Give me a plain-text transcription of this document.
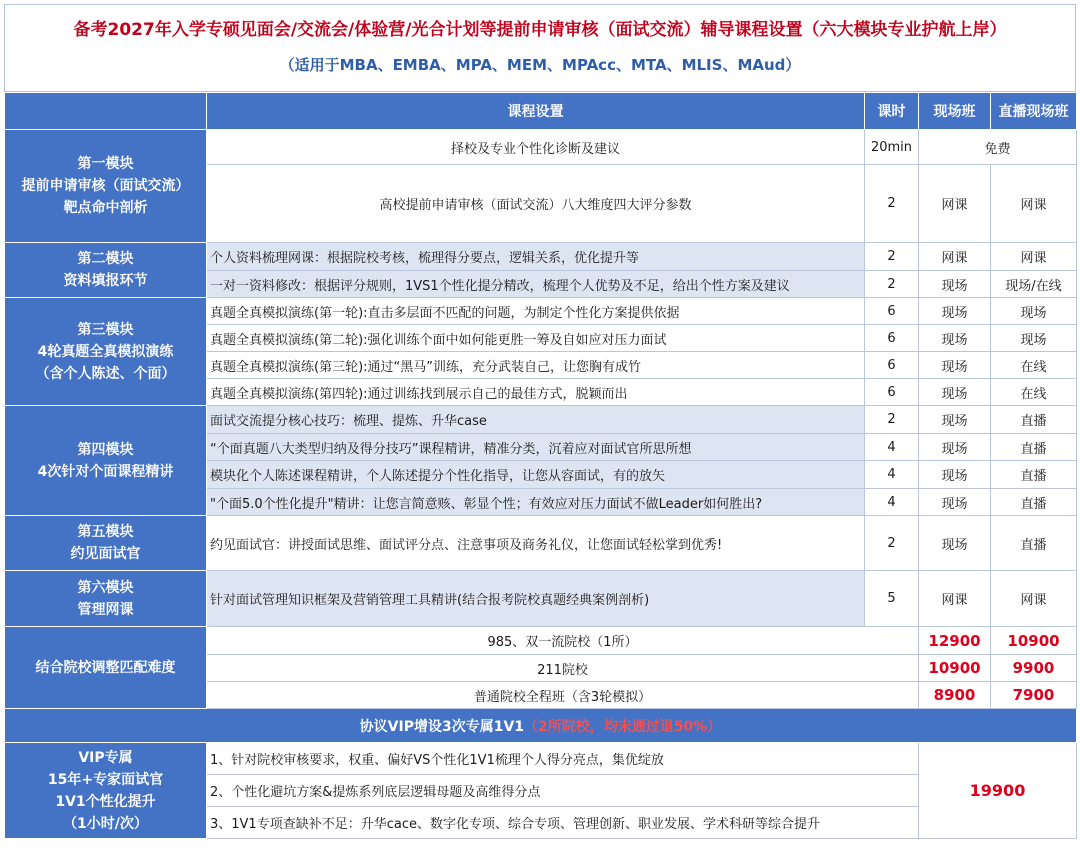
备考2027年入学专硕见面会/交流会/体验营/光合计划等提前申请审核（面试交流）辅导课程设置（六大模块专业护航上岸）
（适用于MBA、EMBA、MPA、MEM、MPAcc、MTA、MLIS、MAud）
	课程设置	课时	现场班	直播现场班
第一模块
提前申请审核（面试交流）
靶点命中剖析	择校及专业个性化诊断及建议	20min	免费	
	高校提前申请审核（面试交流）八大维度四大评分参数	2	网课	网课
第二模块
资料填报环节	个人资料梳理网课：根据院校考核，梳理得分要点，逻辑关系，优化提升等	2	网课	网课
	一对一资料修改：根据评分规则，1VS1个性化提分精改，梳理个人优势及不足，给出个性方案及建议	2	现场	现场/在线
第三模块
4轮真题全真模拟演练
（含个人陈述、个面）	真题全真模拟演练(第一轮):直击多层面不匹配的问题，为制定个性化方案提供依据	6	现场	现场
	真题全真模拟演练(第二轮):强化训练个面中如何能更胜一筹及自如应对压力面试	6	现场	现场
	真题全真模拟演练(第三轮):通过“黑马”训练，充分武装自己，让您胸有成竹	6	现场	在线
	真题全真模拟演练(第四轮):通过训练找到展示自己的最佳方式，脱颖而出	6	现场	在线
第四模块
4次针对个面课程精讲	面试交流提分核心技巧：梳理、提炼、升华case	2	现场	直播
	“个面真题八大类型归纳及得分技巧”课程精讲，精准分类，沉着应对面试官所思所想	4	现场	直播
	模块化个人陈述课程精讲，个人陈述提分个性化指导，让您从容面试，有的放矢	4	现场	直播
	"个面5.0个性化提升"精讲：让您言简意赅、彰显个性；有效应对压力面试不做Leader如何胜出?	4	现场	直播
第五模块
约见面试官	约见面试官：讲授面试思维、面试评分点、注意事项及商务礼仪，让您面试轻松掌到优秀!	2	现场	直播
第六模块
管理网课	针对面试管理知识框架及营销管理工具精讲(结合报考院校真题经典案例剖析)	5	网课	网课
结合院校调整匹配难度	985、双一流院校（1所）		12900	10900
	211院校		10900	9900
	普通院校全程班（含3轮模拟）		8900	7900
协议VIP增设3次专属1V1（2所院校，均未通过退50%）				
VIP专属
15年+专家面试官
1V1个性化提升
（1小时/次）	1、针对院校审核要求，权重、偏好VS个性化1V1梳理个人得分亮点，集优绽放		19900	
	2、个性化避坑方案&提炼系列底层逻辑母题及高维得分点			
	3、1V1专项查缺补不足：升华cace、数字化专项、综合专项、管理创新、职业发展、学术科研等综合提升			
